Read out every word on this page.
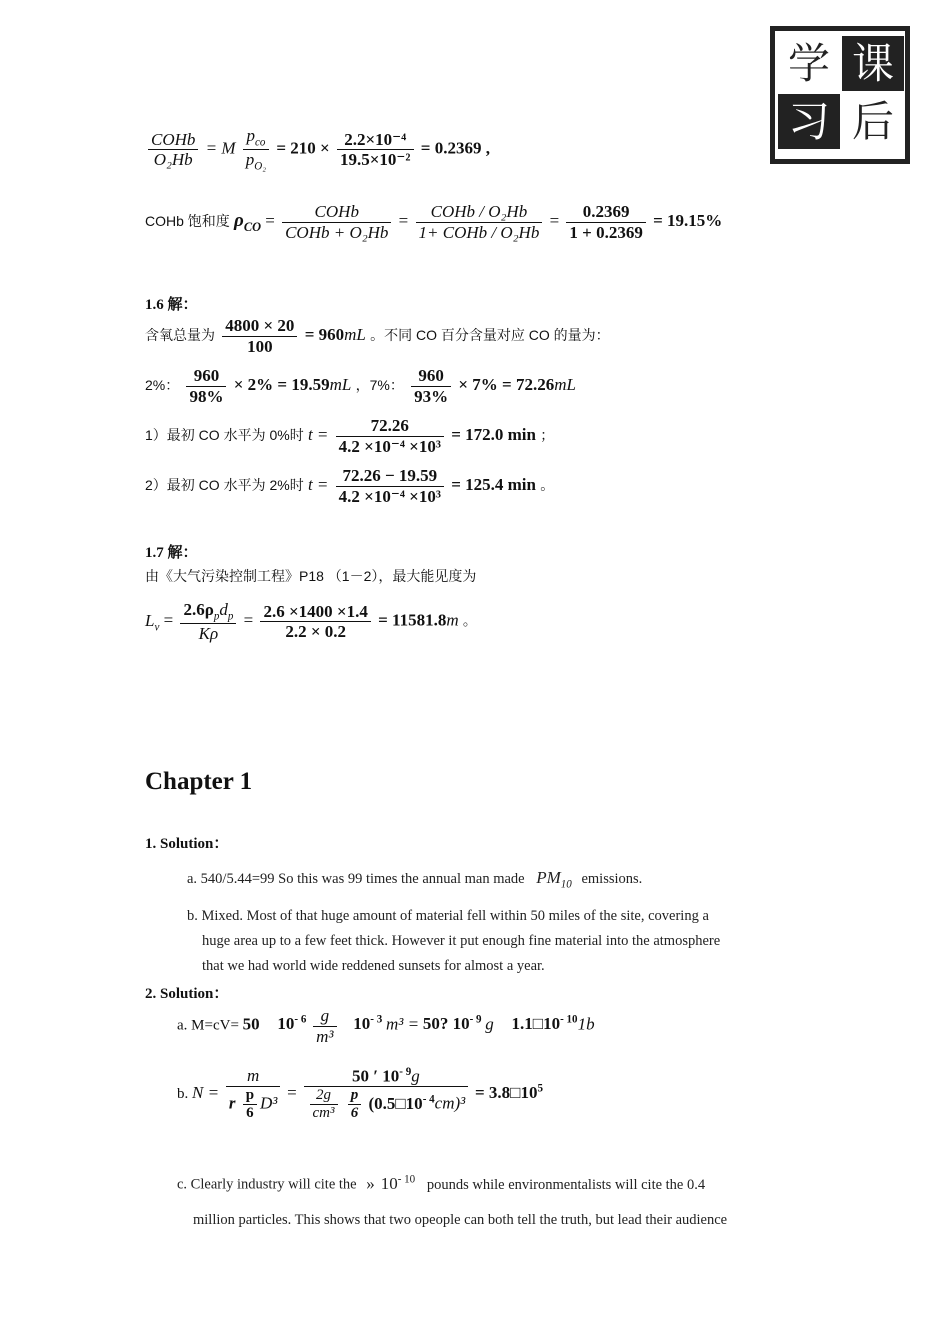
学 课
习 后
$\frac{\text{COHb}}{\text{O₂Hb}} = M \frac{p_{co}}{p_{O_2}} = 210 \times \frac{\text{2.2×10⁻⁴}}{\text{19.5×10⁻²}} = 0.2369$ ,
COHb 饱和度 $\rho_{CO} = \frac{\text{COHb}}{\text{COHb + O₂Hb}} = \frac{\text{COHb / O₂Hb}}{\text{1+ COHb / O₂Hb}} = \frac{0.2369}{1 + 0.2369} = 19.15\%$
1.6 解：
含氧总量为 $\frac{4800 \times 20}{100} = 960mL$ 。不同 CO 百分含量对应 CO 的量为：
2%： $\frac{960}{98\%} \times 2\% = 19.59mL$ ，7%： $\frac{960}{93\%} \times 7\% = 72.26mL$
1）最初 CO 水平为 0%时 $t = \frac{72.26}{\text{4.2 ×10⁻⁴ ×10³}} = 172.0$ min ；
2）最初 CO 水平为 2%时 $t = \frac{72.26 - 19.59}{\text{4.2 ×10⁻⁴ ×10³}} = 125.4$ min 。
1.7 解：
由《大气污染控制工程》P18 （1－2），最大能见度为
$L_v = \frac{2.6\rho_pd_p}{K\rho} = \frac{2.6 \times 1400 \times 1.4}{2.2 \times 0.2} = 11581.8m$ 。
Chapter 1
1. Solution：
a. 540/5.44=99 So this was 99 times the annual man made $PM_{10}$ emissions.
b. Mixed. Most of that huge amount of material fell within 50 miles of the site, covering a
huge area up to a few feet thick. However it put enough fine material into the atmosphere
that we had world wide reddened sunsets for almost a year.
2. Solution：
a. M=cV= 50 $10^{- 6} \frac{g}{\text{m³}} 10^{- 3}$ m³ = 50? $10^{- 9}$ g $1.1□10^{- 10}1b$
b. $N = \frac{m}{r \frac{p}{6} D^3} = 50$ ′ $10^{- 9}g$
$\frac{2g}{\text{cm³}}$
$\frac{p}{6}$ $(0.5□10^{- 4}cm)^3$ = $3.8□10^5$
c. Clearly industry will cite the » $10^{- 10}$ pounds while environmentalists will cite the 0.4
million particles. This shows that two opeople can both tell the truth, but lead their audience
